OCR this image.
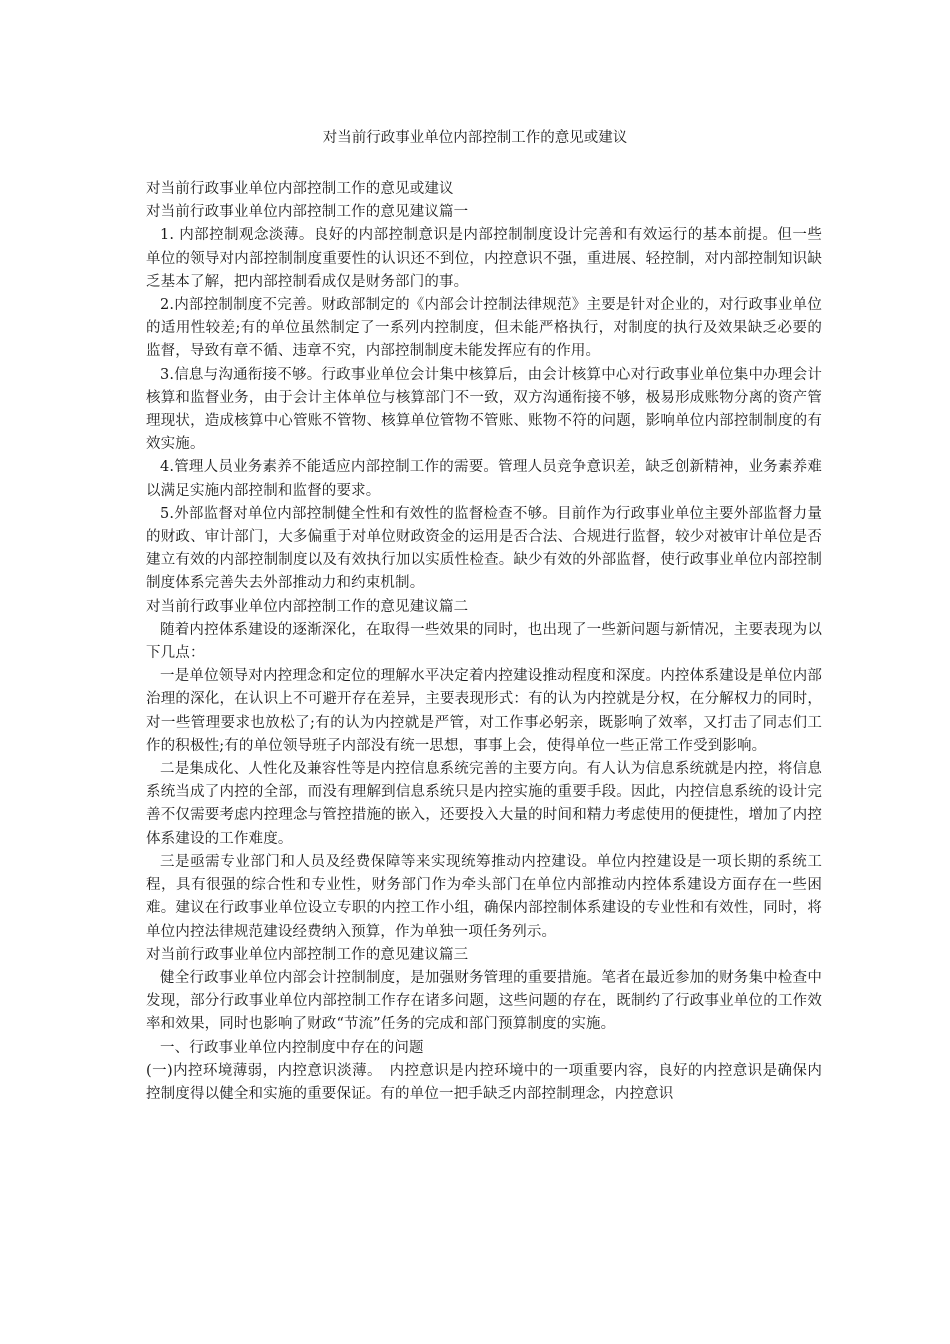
对当前行政事业单位内部控制工作的意见或建议

对当前行政事业单位内部控制工作的意见或建议

对当前行政事业单位内部控制工作的意见建议篇一

1. 内部控制观念淡薄。良好的内部控制意识是内部控制制度设计完善和有效运行的基本前提。但一些单位的领导对内部控制制度重要性的认识还不到位，内控意识不强，重进展、轻控制，对内部控制知识缺乏基本了解，把内部控制看成仅是财务部门的事。

2.内部控制制度不完善。财政部制定的《内部会计控制法律规范》主要是针对企业的，对行政事业单位的适用性较差;有的单位虽然制定了一系列内控制度，但未能严格执行，对制度的执行及效果缺乏必要的监督，导致有章不循、违章不究，内部控制制度未能发挥应有的作用。

3.信息与沟通衔接不够。行政事业单位会计集中核算后，由会计核算中心对行政事业单位集中办理会计核算和监督业务，由于会计主体单位与核算部门不一致，双方沟通衔接不够，极易形成账物分离的资产管理现状，造成核算中心管账不管物、核算单位管物不管账、账物不符的问题，影响单位内部控制制度的有效实施。

4.管理人员业务素养不能适应内部控制工作的需要。管理人员竞争意识差，缺乏创新精神，业务素养难以满足实施内部控制和监督的要求。

5.外部监督对单位内部控制健全性和有效性的监督检查不够。目前作为行政事业单位主要外部监督力量的财政、审计部门，大多偏重于对单位财政资金的运用是否合法、合规进行监督，较少对被审计单位是否建立有效的内部控制制度以及有效执行加以实质性检查。缺少有效的外部监督，使行政事业单位内部控制制度体系完善失去外部推动力和约束机制。

对当前行政事业单位内部控制工作的意见建议篇二

随着内控体系建设的逐渐深化，在取得一些效果的同时，也出现了一些新问题与新情况，主要表现为以下几点：

一是单位领导对内控理念和定位的理解水平决定着内控建设推动程度和深度。内控体系建设是单位内部治理的深化，在认识上不可避开存在差异，主要表现形式：有的认为内控就是分权，在分解权力的同时，对一些管理要求也放松了;有的认为内控就是严管，对工作事必躬亲，既影响了效率，又打击了同志们工作的积极性;有的单位领导班子内部没有统一思想，事事上会，使得单位一些正常工作受到影响。

二是集成化、人性化及兼容性等是内控信息系统完善的主要方向。有人认为信息系统就是内控，将信息系统当成了内控的全部，而没有理解到信息系统只是内控实施的重要手段。因此，内控信息系统的设计完善不仅需要考虑内控理念与管控措施的嵌入，还要投入大量的时间和精力考虑使用的便捷性，增加了内控体系建设的工作难度。

三是亟需专业部门和人员及经费保障等来实现统筹推动内控建设。单位内控建设是一项长期的系统工程，具有很强的综合性和专业性，财务部门作为牵头部门在单位内部推动内控体系建设方面存在一些困难。建议在行政事业单位设立专职的内控工作小组，确保内部控制体系建设的专业性和有效性，同时，将单位内控法律规范建设经费纳入预算，作为单独一项任务列示。

对当前行政事业单位内部控制工作的意见建议篇三

健全行政事业单位内部会计控制制度，是加强财务管理的重要措施。笔者在最近参加的财务集中检查中发现，部分行政事业单位内部控制工作存在诸多问题，这些问题的存在，既制约了行政事业单位的工作效率和效果，同时也影响了财政“节流”任务的完成和部门预算制度的实施。

一、行政事业单位内控制度中存在的问题

(一)内控环境薄弱，内控意识淡薄。　内控意识是内控环境中的一项重要内容，良好的内控意识是确保内控制度得以健全和实施的重要保证。有的单位一把手缺乏内部控制理念，内控意识
